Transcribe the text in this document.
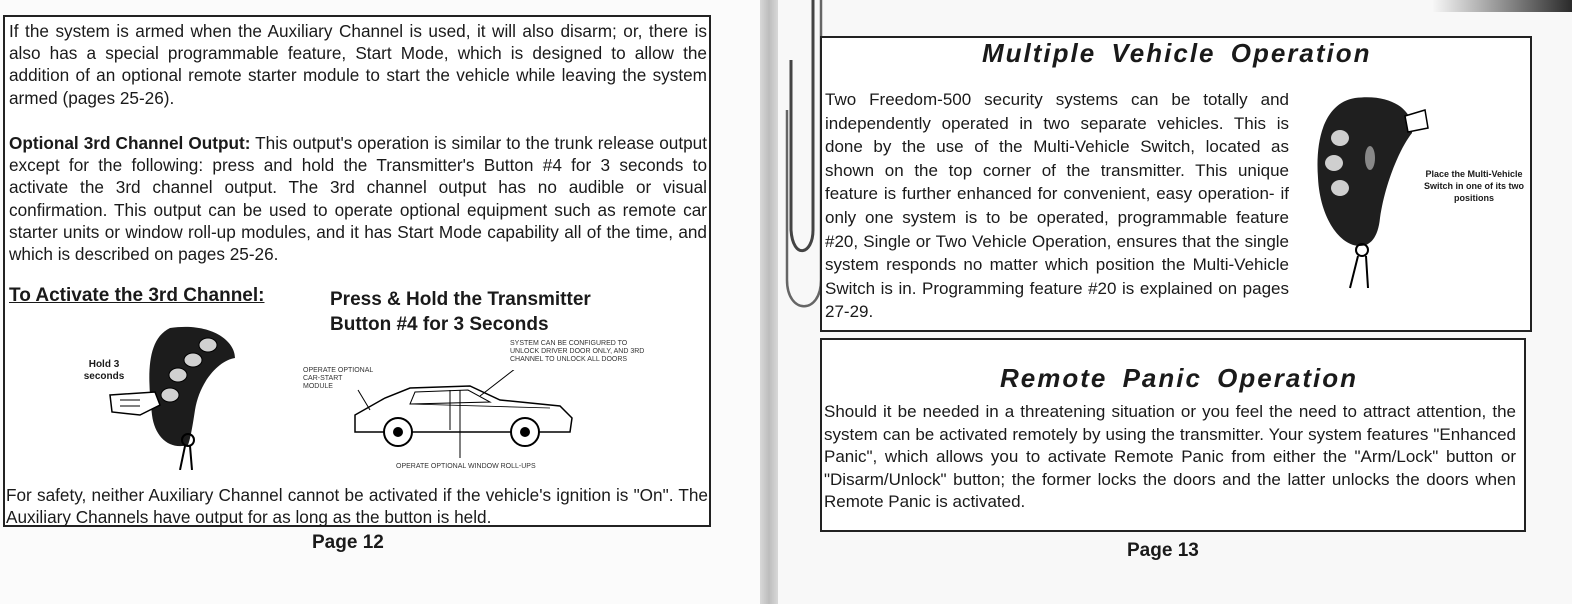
If the system is armed when the Auxiliary Channel is used, it will also disarm; or, there is also has a special programmable feature, Start Mode, which is designed to allow the addition of an optional remote starter module to start the vehicle while leaving the system armed (pages 25-26).

Optional 3rd Channel Output: This output's operation is similar to the trunk release output except for the following: press and hold the Transmitter's Button #4 for 3 seconds to activate the 3rd channel output. The 3rd channel output has no audible or visual confirmation. This output can be used to operate optional equipment such as remote car starter units or window roll-up modules, and it has Start Mode capability all of the time, and which is described on pages 25-26.

To Activate the 3rd Channel:	Press & Hold the Transmitter
Button #4 for 3 Seconds
Hold 3
seconds
SYSTEM CAN BE CONFIGURED TO UNLOCK DRIVER DOOR ONLY, AND 3RD CHANNEL TO UNLOCK ALL DOORS
OPERATE OPTIONAL CAR-START MODULE
OPERATE OPTIONAL WINDOW ROLL-UPS

For safety, neither Auxiliary Channel cannot be activated if the vehicle's ignition is "On". The Auxiliary Channels have output for as long as the button is held.

Page 12
Multiple Vehicle Operation

Two Freedom-500 security systems can be totally and independently operated in two separate vehicles. This is done by the use of the Multi-Vehicle Switch, located as shown on the top corner of the transmitter. This unique feature is further enhanced for convenient, easy operation- if only one system is to be operated, programmable feature #20, Single or Two Vehicle Operation, ensures that the single system responds no matter which position the Multi-Vehicle Switch is in. Programming feature #20 is explained on pages 27-29.

Place the Multi-Vehicle Switch in one of its two positions
Remote Panic Operation

Should it be needed in a threatening situation or you feel the need to attract attention, the system can be activated remotely by using the transmitter. Your system features "Enhanced Panic", which allows you to activate Remote Panic from either the "Arm/Lock" button or "Disarm/Unlock" button; the former locks the doors and the latter unlocks the doors when Remote Panic is activated.

Page 13
